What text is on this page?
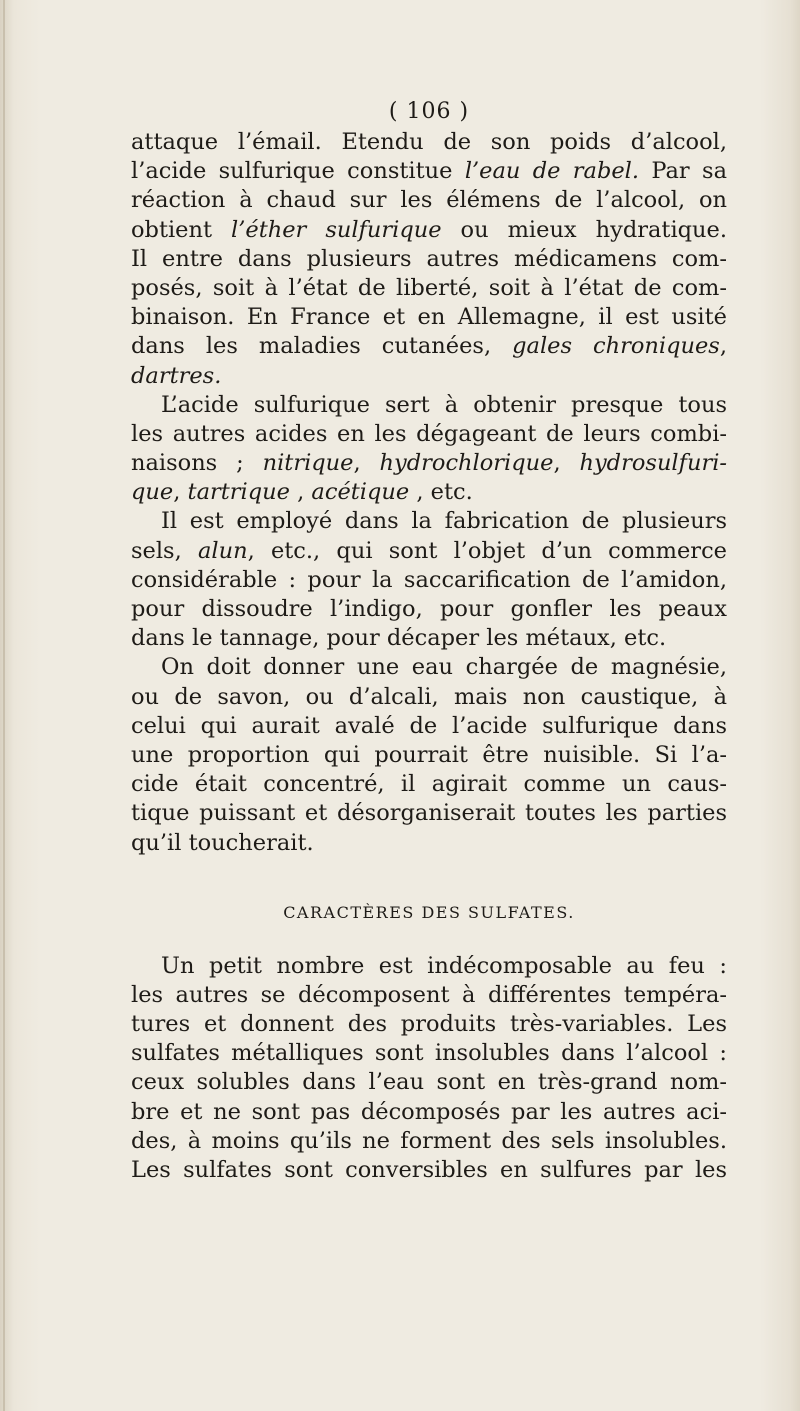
( 106 )
attaque l’émail. Etendu de son poids d’alcool,
l’acide sulfurique constitue l’eau de rabel. Par sa
réaction à chaud sur les élémens de l’alcool, on
obtient l’éther sulfurique ou mieux hydratique.
Il entre dans plusieurs autres médicamens com-
posés, soit à l’état de liberté, soit à l’état de com-
binaison. En France et en Allemagne, il est usité
dans les maladies cutanées, gales chroniques,
dartres.
L’acide sulfurique sert à obtenir presque tous
les autres acides en les dégageant de leurs combi-
naisons ; nitrique, hydrochlorique, hydrosulfuri-
que, tartrique , acétique , etc.
Il est employé dans la fabrication de plusieurs
sels, alun, etc., qui sont l’objet d’un commerce
considérable : pour la saccarification de l’amidon,
pour dissoudre l’indigo, pour gonfler les peaux
dans le tannage, pour décaper les métaux, etc.
On doit donner une eau chargée de magnésie,
ou de savon, ou d’alcali, mais non caustique, à
celui qui aurait avalé de l’acide sulfurique dans
une proportion qui pourrait être nuisible. Si l’a-
cide était concentré, il agirait comme un caus-
tique puissant et désorganiserait toutes les parties
qu’il toucherait.
CARACTÈRES DES SULFATES.
Un petit nombre est indécomposable au feu :
les autres se décomposent à différentes tempéra-
tures et donnent des produits très-variables. Les
sulfates métalliques sont insolubles dans l’alcool :
ceux solubles dans l’eau sont en très-grand nom-
bre et ne sont pas décomposés par les autres aci-
des, à moins qu’ils ne forment des sels insolubles.
Les sulfates sont conversibles en sulfures par les
